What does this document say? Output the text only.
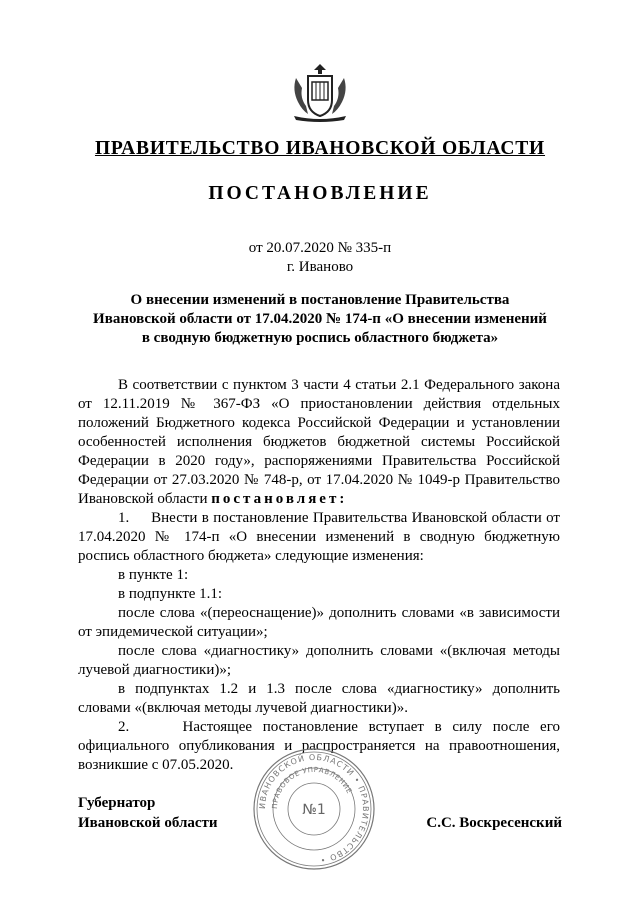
ПРАВИТЕЛЬСТВО ИВАНОВСКОЙ ОБЛАСТИ
ПОСТАНОВЛЕНИЕ
от 20.07.2020 № 335-п
г. Иваново
О внесении изменений в постановление Правительства
Ивановской области от 17.04.2020 № 174-п «О внесении изменений
в сводную бюджетную роспись областного бюджета»

В соответствии с пунктом 3 части 4 статьи 2.1 Федерального закона от 12.11.2019 № 367-ФЗ «О приостановлении действия отдельных положений Бюджетного кодекса Российской Федерации и установлении особенностей исполнения бюджетов бюджетной системы Российской Федерации в 2020 году», распоряжениями Правительства Российской Федерации от 27.03.2020 № 748-р, от 17.04.2020 № 1049-р Правительство Ивановской области постановляет:

1. Внести в постановление Правительства Ивановской области от 17.04.2020 № 174-п «О внесении изменений в сводную бюджетную роспись областного бюджета» следующие изменения:

в пункте 1:

в подпункте 1.1:

после слова «(переоснащение)» дополнить словами «в зависимости от эпидемической ситуации»;

после слова «диагностику» дополнить словами «(включая методы лучевой диагностики)»;

в подпунктах 1.2 и 1.3 после слова «диагностику» дополнить словами «(включая методы лучевой диагностики)».

2.	Настоящее постановление вступает в силу после его официального опубликования и распространяется на правоотношения, возникшие с 07.05.2020.

Губернатор
Ивановской области
ИВАНОВСКОЙ ОБЛАСТИ • ПРАВИТЕЛЬСТВО •
ПРАВОВОЕ УПРАВЛЕНИЕ
№1
С.С. Воскресенский
